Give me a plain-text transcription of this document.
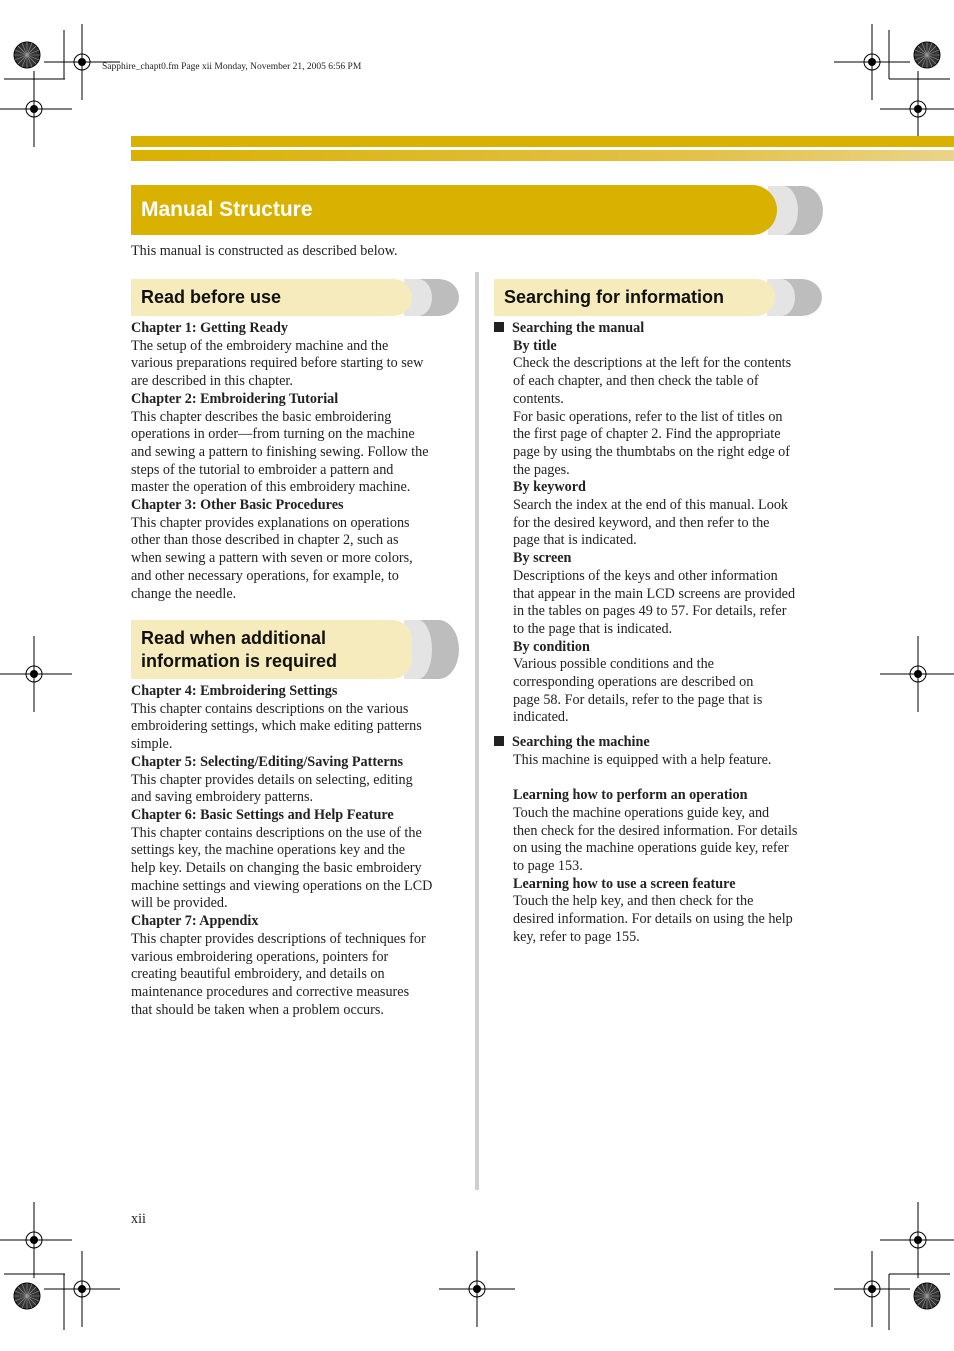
Sapphire_chapt0.fm Page xii Monday, November 21, 2005 6:56 PM
Manual Structure
This manual is constructed as described below.
Read before use

Chapter 1: Getting Ready

The setup of the embroidery machine and the

various preparations required before starting to sew

are described in this chapter.

Chapter 2: Embroidering Tutorial

This chapter describes the basic embroidering

operations in order—from turning on the machine

and sewing a pattern to finishing sewing. Follow the

steps of the tutorial to embroider a pattern and

master the operation of this embroidery machine.

Chapter 3: Other Basic Procedures

This chapter provides explanations on operations

other than those described in chapter 2, such as

when sewing a pattern with seven or more colors,

and other necessary operations, for example, to

change the needle.

Read when additional
information is required

Chapter 4: Embroidering Settings

This chapter contains descriptions on the various

embroidering settings, which make editing patterns

simple.

Chapter 5: Selecting/Editing/Saving Patterns

This chapter provides details on selecting, editing

and saving embroidery patterns.

Chapter 6: Basic Settings and Help Feature

This chapter contains descriptions on the use of the

settings key, the machine operations key and the

help key. Details on changing the basic embroidery

machine settings and viewing operations on the LCD

will be provided.

Chapter 7: Appendix

This chapter provides descriptions of techniques for

various embroidering operations, pointers for

creating beautiful embroidery, and details on

maintenance procedures and corrective measures

that should be taken when a problem occurs.

Searching for information

Searching the manual

By title

Check the descriptions at the left for the contents

of each chapter, and then check the table of

contents.

For basic operations, refer to the list of titles on

the first page of chapter 2. Find the appropriate

page by using the thumbtabs on the right edge of

the pages.

By keyword

Search the index at the end of this manual. Look

for the desired keyword, and then refer to the

page that is indicated.

By screen

Descriptions of the keys and other information

that appear in the main LCD screens are provided

in the tables on pages 49 to 57. For details, refer

to the page that is indicated.

By condition

Various possible conditions and the

corresponding operations are described on

page 58. For details, refer to the page that is

indicated.

Searching the machine

This machine is equipped with a help feature.

Learning how to perform an operation

Touch the machine operations guide key, and

then check for the desired information. For details

on using the machine operations guide key, refer

to page 153.

Learning how to use a screen feature

Touch the help key, and then check for the

desired information. For details on using the help

key, refer to page 155.

xii
